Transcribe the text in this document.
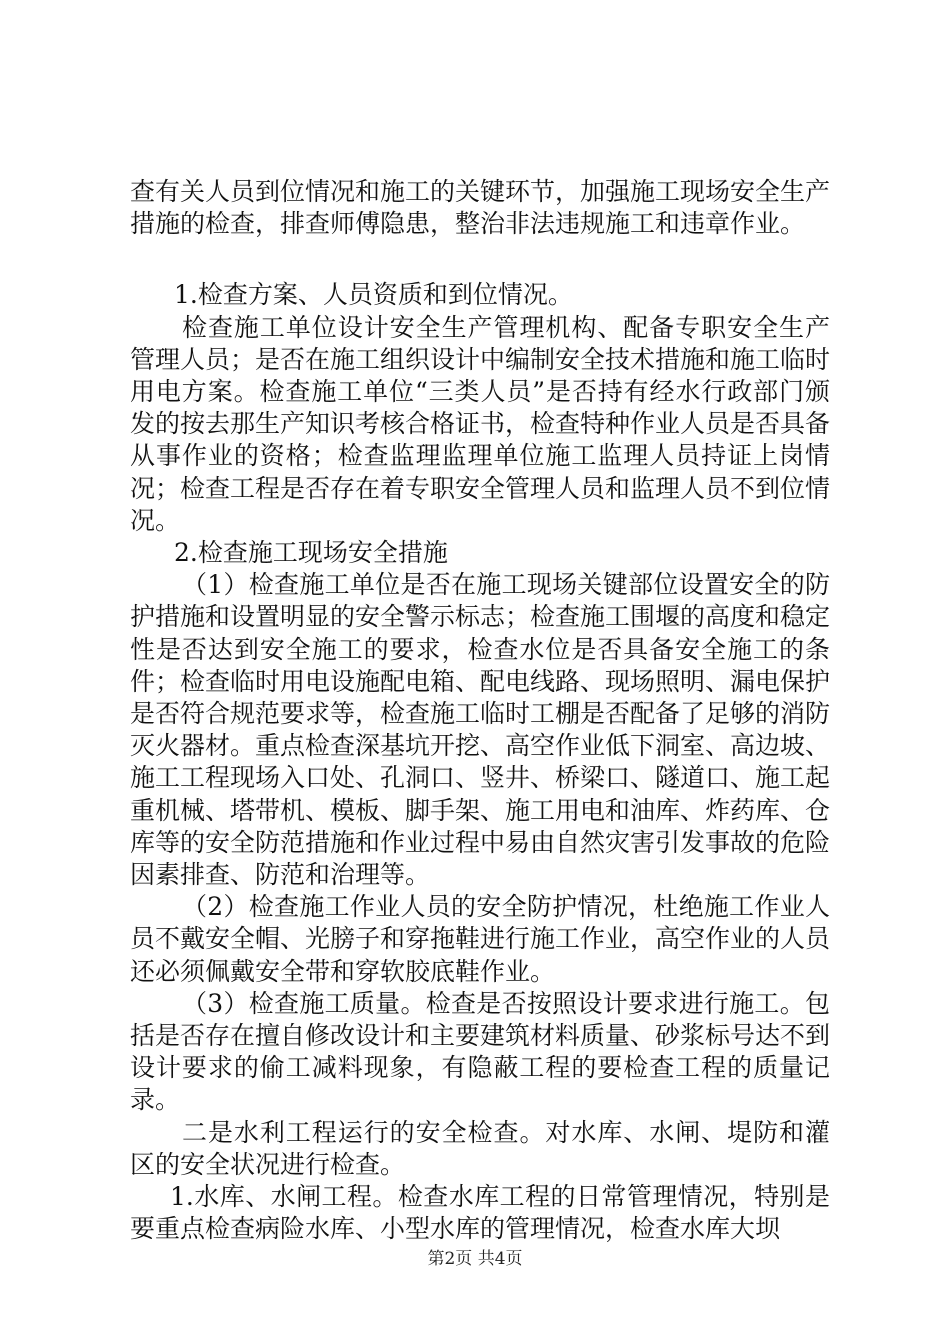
查有关人员到位情况和施工的关键环节，加强施工现场安全生产措施的检查，排查师傅隐患，整治非法违规施工和违章作业。

1.检查方案、人员资质和到位情况。

检查施工单位设计安全生产管理机构、配备专职安全生产管理人员；是否在施工组织设计中编制安全技术措施和施工临时用电方案。检查施工单位“三类人员”是否持有经水行政部门颁发的按去那生产知识考核合格证书，检查特种作业人员是否具备从事作业的资格；检查监理监理单位施工监理人员持证上岗情况；检查工程是否存在着专职安全管理人员和监理人员不到位情况。

2.检查施工现场安全措施

（1）检查施工单位是否在施工现场关键部位设置安全的防护措施和设置明显的安全警示标志；检查施工围堰的高度和稳定性是否达到安全施工的要求，检查水位是否具备安全施工的条件；检查临时用电设施配电箱、配电线路、现场照明、漏电保护是否符合规范要求等，检查施工临时工棚是否配备了足够的消防灭火器材。重点检查深基坑开挖、高空作业低下洞室、高边坡、施工工程现场入口处、孔洞口、竖井、桥梁口、隧道口、施工起重机械、塔带机、模板、脚手架、施工用电和油库、炸药库、仓库等的安全防范措施和作业过程中易由自然灾害引发事故的危险因素排查、防范和治理等。

（2）检查施工作业人员的安全防护情况，杜绝施工作业人员不戴安全帽、光膀子和穿拖鞋进行施工作业，高空作业的人员还必须佩戴安全带和穿软胶底鞋作业。

（3）检查施工质量。检查是否按照设计要求进行施工。包括是否存在擅自修改设计和主要建筑材料质量、砂浆标号达不到设计要求的偷工减料现象，有隐蔽工程的要检查工程的质量记录。

二是水利工程运行的安全检查。对水库、水闸、堤防和灌区的安全状况进行检查。

1.水库、水闸工程。检查水库工程的日常管理情况，特别是要重点检查病险水库、小型水库的管理情况，检查水库大坝

第2页 共4页
